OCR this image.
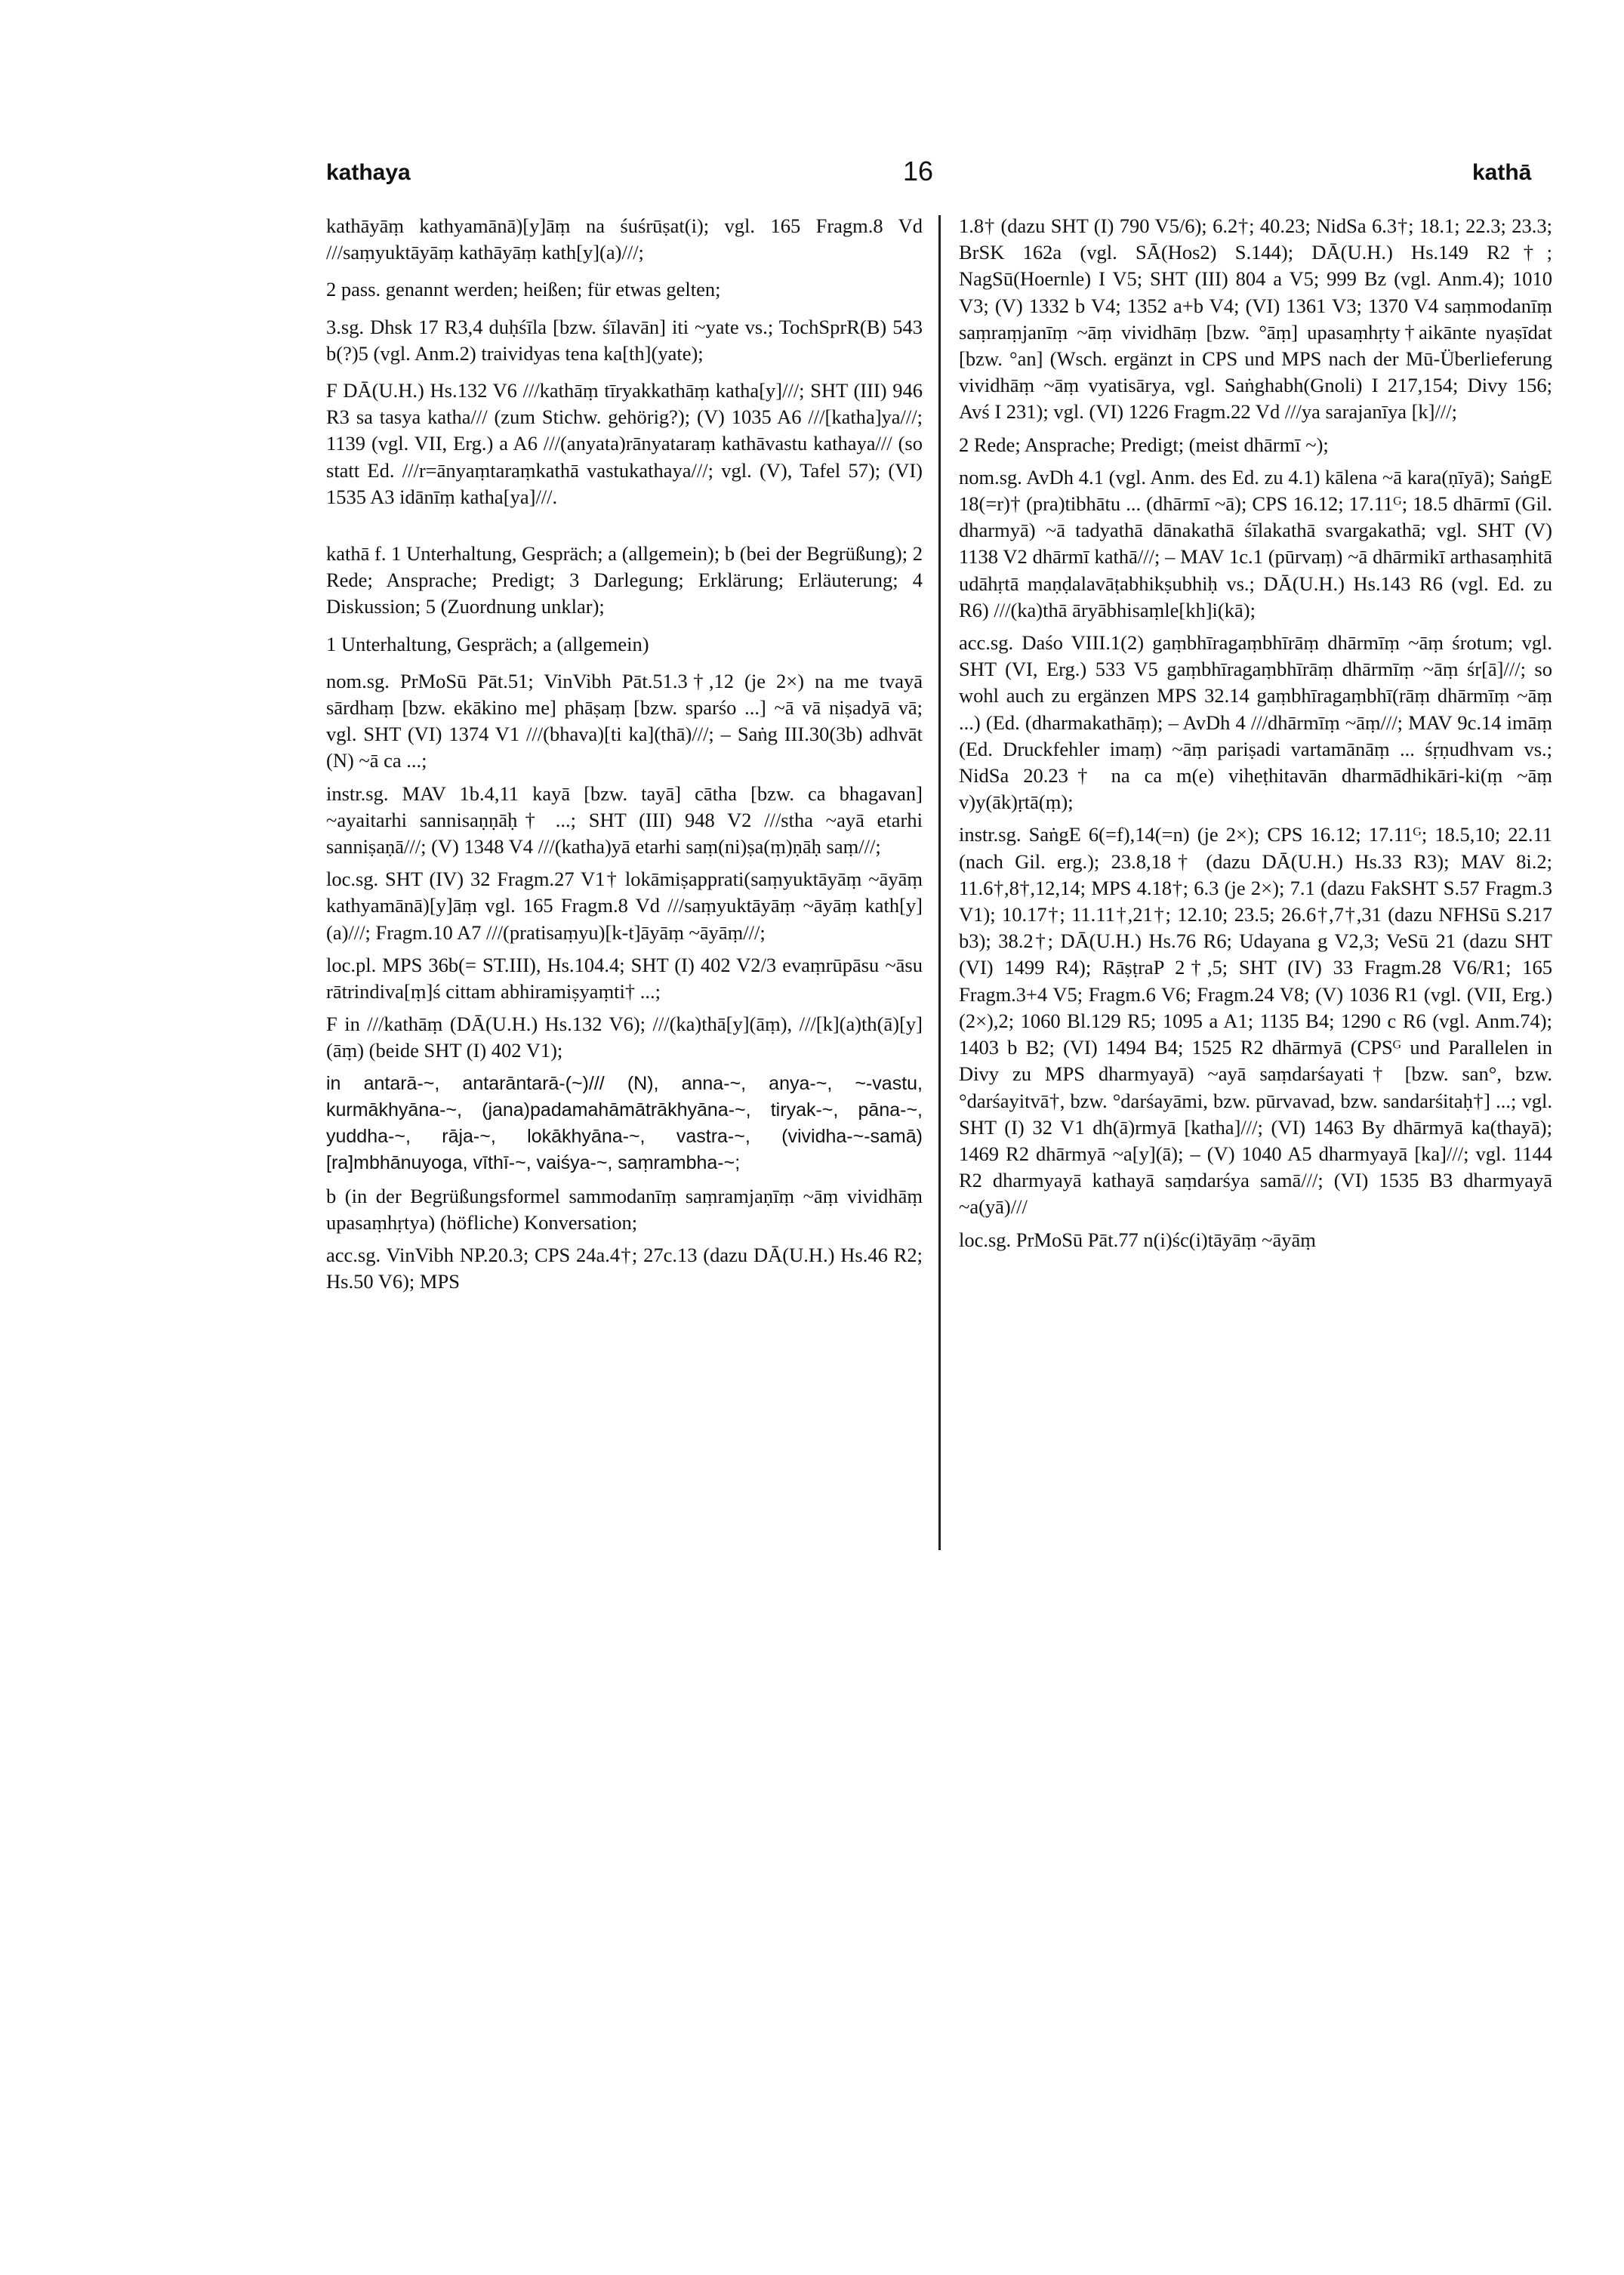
kathaya	16	kathā

kathāyāṃ kathyamānā)[y]āṃ na śuśrūṣat(i); vgl. 165 Fragm.8 Vd ///saṃyuktāyāṃ kathāyāṃ kath[y](a)///;

2 pass. genannt werden; heißen; für etwas gelten;

3.sg. Dhsk 17 R3,4 duḥśīla [bzw. śīlavān] iti ~yate vs.; TochSprR(B) 543 b(?)5 (vgl. Anm.2) traividyas tena ka[th](yate);

F DĀ(U.H.) Hs.132 V6 ///kathāṃ tīryakkathāṃ katha[y]///; SHT (III) 946 R3 sa tasya katha/// (zum Stichw. gehörig?); (V) 1035 A6 ///[katha]ya///; 1139 (vgl. VII, Erg.) a A6 ///(anyata)rānyataraṃ kathāvastu kathaya/// (so statt Ed. ///r=ānyaṃtaraṃkathā vastukathaya///; vgl. (V), Tafel 57); (VI) 1535 A3 idānīṃ katha[ya]///.

kathā f. 1 Unterhaltung, Gespräch; a (allgemein); b (bei der Begrüßung); 2 Rede; Ansprache; Predigt; 3 Darlegung; Erklärung; Erläuterung; 4 Diskussion; 5 (Zuordnung unklar);

1 Unterhaltung, Gespräch; a (allgemein)

nom.sg. PrMoSū Pāt.51; VinVibh Pāt.51.3†,12 (je 2×) na me tvayā sārdhaṃ [bzw. ekākino me] phāṣaṃ [bzw. sparśo ...] ~ā vā niṣadyā vā; vgl. SHT (VI) 1374 V1 ///(bhava)[ti ka](thā)///; – Saṅg III.30(3b) adhvāt (N) ~ā ca ...;

instr.sg. MAV 1b.4,11 kayā [bzw. tayā] cātha [bzw. ca bhagavan] ~ayaitarhi sannisaṇṇāḥ† ...; SHT (III) 948 V2 ///stha ~ayā etarhi sanniṣaṇā///; (V) 1348 V4 ///(katha)yā etarhi saṃ(ni)ṣa(ṃ)ṇāḥ saṃ///;

loc.sg. SHT (IV) 32 Fragm.27 V1† lokāmiṣapprati(saṃyuktāyāṃ ~āyāṃ kathyamānā)[y]āṃ vgl. 165 Fragm.8 Vd ///saṃyuktāyāṃ ~āyāṃ kath[y](a)///; Fragm.10 A7 ///(pratisaṃyu)[k-t]āyāṃ ~āyāṃ///;

loc.pl. MPS 36b(= ST.III), Hs.104.4; SHT (I) 402 V2/3 evaṃrūpāsu ~āsu rātrindiva[ṃ]ś cittam abhiramiṣyaṃti† ...;

F in ///kathāṃ (DĀ(U.H.) Hs.132 V6); ///(ka)thā[y](āṃ), ///[k](a)th(ā)[y](āṃ) (beide SHT (I) 402 V1);

in antarā-~, antarāntarā-(~)/// (N), anna-~, anya-~, ~-vastu, kurmākhyāna-~, (jana)padamahāmātrākhyāna-~, tiryak-~, pāna-~, yuddha-~, rāja-~, lokākhyāna-~, vastra-~, (vividha-~-samā)[ra]mbhānuyoga, vīthī-~, vaiśya-~, saṃrambha-~;

b (in der Begrüßungsformel sammodanīṃ saṃramjaṇīṃ ~āṃ vividhāṃ upasaṃhṛtya) (höfliche) Konversation;

acc.sg. VinVibh NP.20.3; CPS 24a.4†; 27c.13 (dazu DĀ(U.H.) Hs.46 R2; Hs.50 V6); MPS

1.8† (dazu SHT (I) 790 V5/6); 6.2†; 40.23; NidSa 6.3†; 18.1; 22.3; 23.3; BrSK 162a (vgl. SĀ(Hos2) S.144); DĀ(U.H.) Hs.149 R2†; NagSū(Hoernle) I V5; SHT (III) 804 a V5; 999 Bz (vgl. Anm.4); 1010 V3; (V) 1332 b V4; 1352 a+b V4; (VI) 1361 V3; 1370 V4 saṃmodanīṃ saṃraṃjanīṃ ~āṃ vividhāṃ [bzw. °āṃ] upasaṃhṛty†aikānte nyaṣīdat [bzw. °an] (Wsch. ergänzt in CPS und MPS nach der Mū-Überlieferung vividhāṃ ~āṃ vyatisārya, vgl. Saṅghabh(Gnoli) I 217,154; Divy 156; Avś I 231); vgl. (VI) 1226 Fragm.22 Vd ///ya sarajanīya [k]///;

2 Rede; Ansprache; Predigt; (meist dhārmī ~);

nom.sg. AvDh 4.1 (vgl. Anm. des Ed. zu 4.1) kālena ~ā kara(ṇīyā); SaṅgE 18(=r)† (pra)tibhātu ... (dhārmī ~ā); CPS 16.12; 17.11ᴳ; 18.5 dhārmī (Gil. dharmyā) ~ā tadyathā dānakathā śīlakathā svargakathā; vgl. SHT (V) 1138 V2 dhārmī kathā///; – MAV 1c.1 (pūrvaṃ) ~ā dhārmikī arthasaṃhitā udāhṛtā maṇḍalavāṭabhikṣubhiḥ vs.; DĀ(U.H.) Hs.143 R6 (vgl. Ed. zu R6) ///(ka)thā āryābhisaṃle[kh]i(kā);

acc.sg. Daśo VIII.1(2) gaṃbhīragaṃbhīrāṃ dhārmīṃ ~āṃ śrotum; vgl. SHT (VI, Erg.) 533 V5 gaṃbhīragaṃbhīrāṃ dhārmīṃ ~āṃ śr[ā]///; so wohl auch zu ergänzen MPS 32.14 gaṃbhīragaṃbhī(rāṃ dhārmīṃ ~āṃ ...) (Ed. (dharmakathāṃ); – AvDh 4 ///dhārmīṃ ~āṃ///; MAV 9c.14 imāṃ (Ed. Druckfehler imaṃ) ~āṃ pariṣadi vartamānāṃ ... śṛṇudhvam vs.; NidSa 20.23† na ca m(e) viheṭhitavān dharmādhikāri-ki(ṃ ~āṃ v)y(āk)ṛtā(ṃ);

instr.sg. SaṅgE 6(=f),14(=n) (je 2×); CPS 16.12; 17.11ᴳ; 18.5,10; 22.11 (nach Gil. erg.); 23.8,18† (dazu DĀ(U.H.) Hs.33 R3); MAV 8i.2; 11.6†,8†,12,14; MPS 4.18†; 6.3 (je 2×); 7.1 (dazu FakSHT S.57 Fragm.3 V1); 10.17†; 11.11†,21†; 12.10; 23.5; 26.6†,7†,31 (dazu NFHSū S.217 b3); 38.2†; DĀ(U.H.) Hs.76 R6; Udayana g V2,3; VeSū 21 (dazu SHT (VI) 1499 R4); RāṣṭraP 2†,5; SHT (IV) 33 Fragm.28 V6/R1; 165 Fragm.3+4 V5; Fragm.6 V6; Fragm.24 V8; (V) 1036 R1 (vgl. (VII, Erg.)(2×),2; 1060 Bl.129 R5; 1095 a A1; 1135 B4; 1290 c R6 (vgl. Anm.74); 1403 b B2; (VI) 1494 B4; 1525 R2 dhārmyā (CPSᴳ und Parallelen in Divy zu MPS dharmyayā) ~ayā saṃdarśayati† [bzw. san°, bzw. °darśayitvā†, bzw. °darśayāmi, bzw. pūrvavad, bzw. sandarśitaḥ†] ...; vgl. SHT (I) 32 V1 dh(ā)rmyā [katha]///; (VI) 1463 By dhārmyā ka(thayā); 1469 R2 dhārmyā ~a[y](ā); – (V) 1040 A5 dharmyayā [ka]///; vgl. 1144 R2 dharmyayā kathayā saṃdarśya samā///; (VI) 1535 B3 dharmyayā ~a(yā)///

loc.sg. PrMoSū Pāt.77 n(i)śc(i)tāyāṃ ~āyāṃ
